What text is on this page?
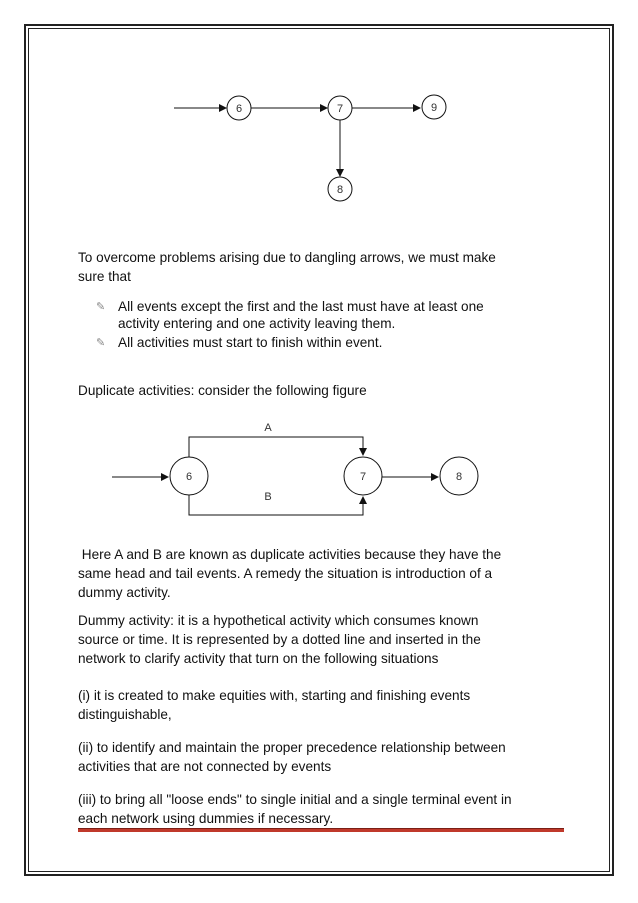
6	7	9
8
6
A
B
7	8
To overcome problems arising due to dangling arrows, we must make
sure that
✎ All events except the first and the last must have at least one
activity entering and one activity leaving them.
✎ All activities must start to finish within event.

Duplicate activities: consider the following figure

Here A and B are known as duplicate activities because they have the
same head and tail events. A remedy the situation is introduction of a
dummy activity.
Dummy activity: it is a hypothetical activity which consumes known
source or time. It is represented by a dotted line and inserted in the
network to clarify activity that turn on the following situations
(i) it is created to make equities with, starting and finishing events
distinguishable,
(ii) to identify and maintain the proper precedence relationship between
activities that are not connected by events
(iii) to bring all "loose ends" to single initial and a single terminal event in
each network using dummies if necessary.
